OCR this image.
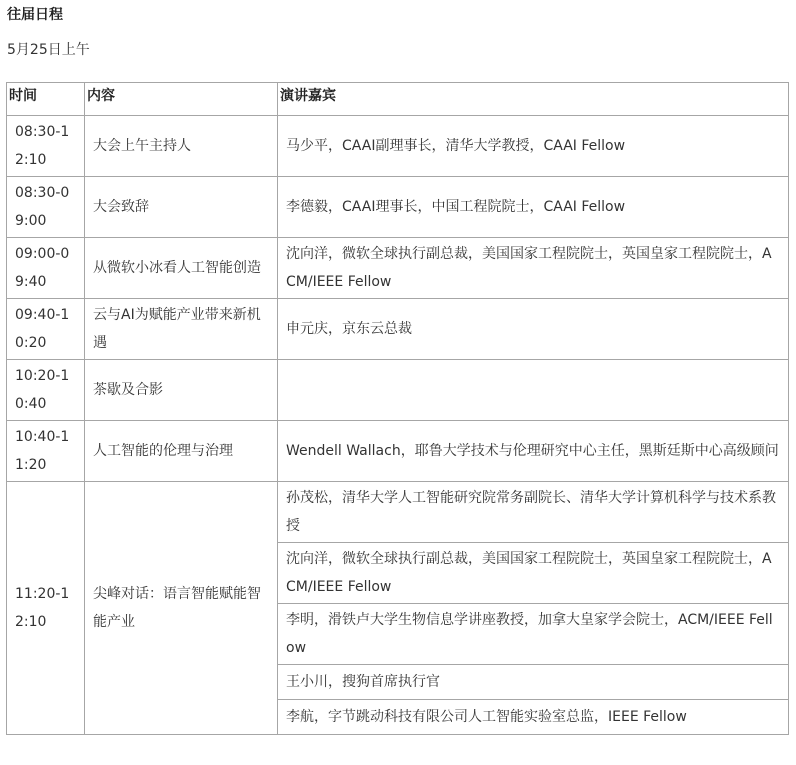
往届日程

5月25日上午

时间	内容	演讲嘉宾
08:30-12:10	大会上午主持人	马少平，CAAI副理事长，清华大学教授，CAAI Fellow
08:30-09:00	大会致辞	李德毅，CAAI理事长，中国工程院院士，CAAI Fellow
09:00-09:40	从微软小冰看人工智能创造	沈向洋，微软全球执行副总裁，美国国家工程院院士，英国皇家工程院院士，ACM/IEEE Fellow
09:40-10:20	云与AI为赋能产业带来新机遇	申元庆，京东云总裁
10:20-10:40	茶歇及合影	
10:40-11:20	人工智能的伦理与治理	Wendell Wallach，耶鲁大学技术与伦理研究中心主任，黑斯廷斯中心高级顾问
11:20-12:10	尖峰对话：语言智能赋能智能产业	孙茂松，清华大学人工智能研究院常务副院长、清华大学计算机科学与技术系教授
		沈向洋，微软全球执行副总裁，美国国家工程院院士，英国皇家工程院院士，ACM/IEEE Fellow
		李明，滑铁卢大学生物信息学讲座教授，加拿大皇家学会院士，ACM/IEEE Fellow
		王小川，搜狗首席执行官
		李航，字节跳动科技有限公司人工智能实验室总监，IEEE Fellow
